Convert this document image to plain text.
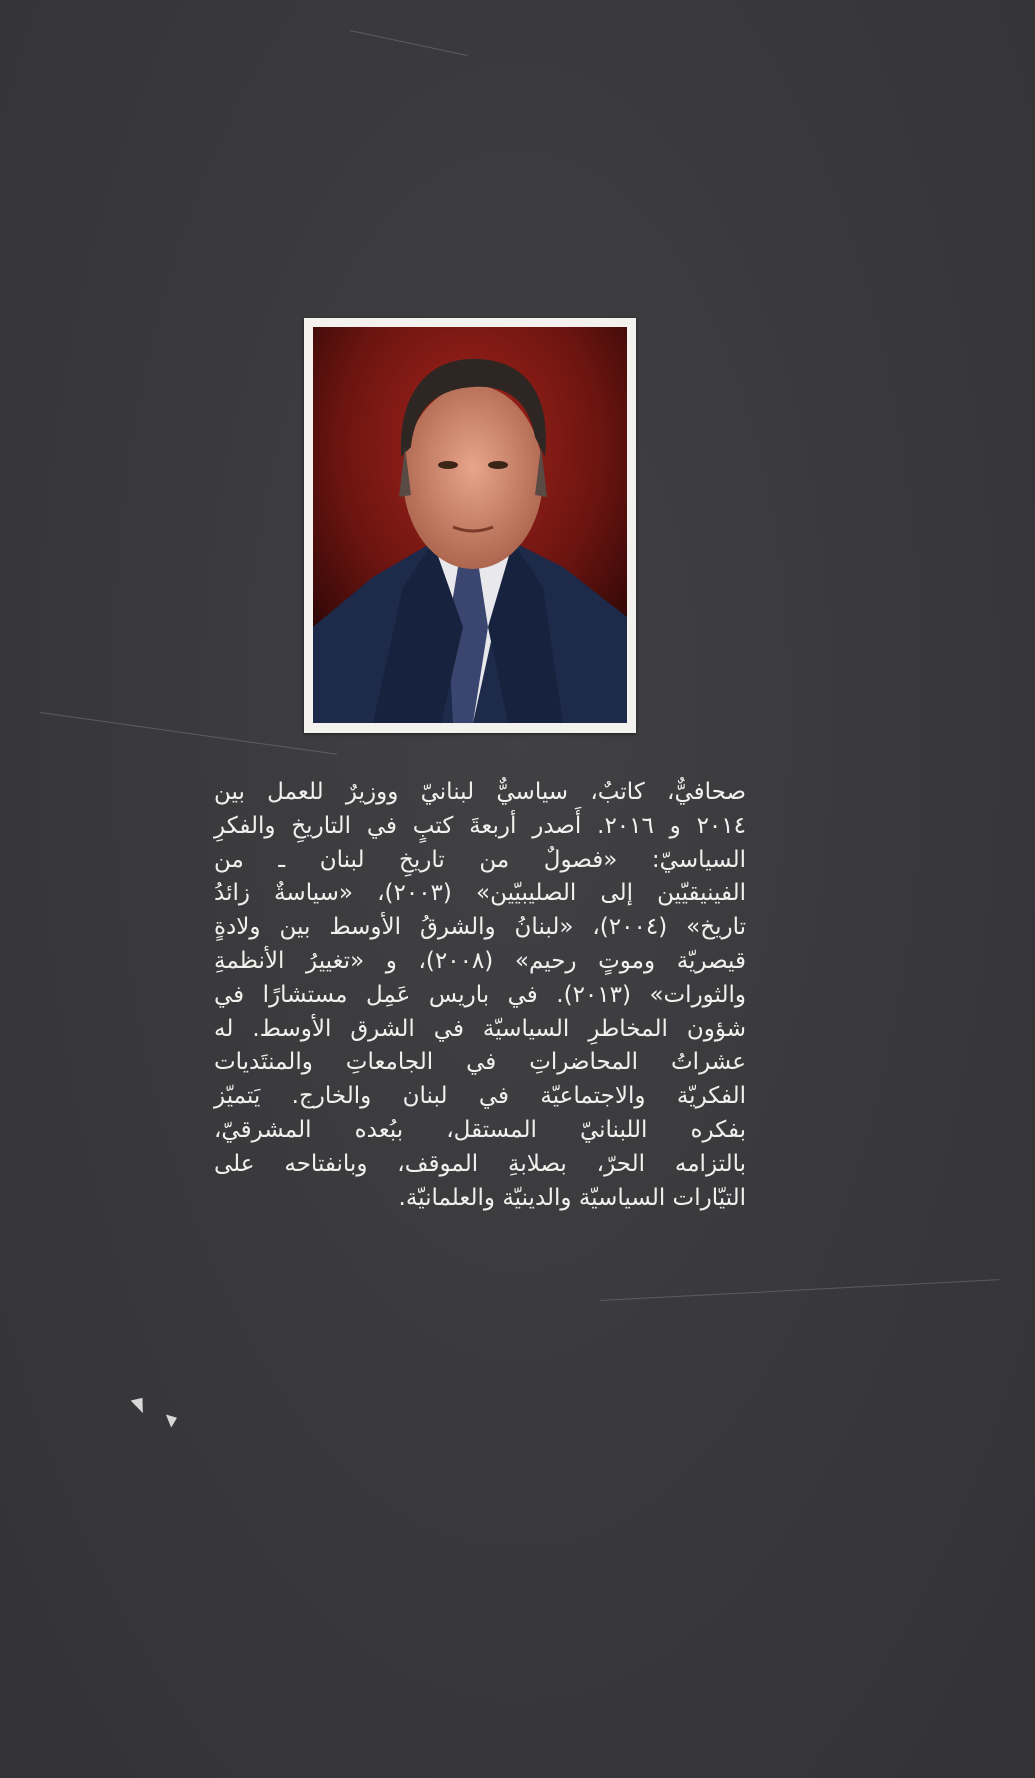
صحافيٌّ، كاتبٌ، سياسيٌّ لبنانيّ ووزيرٌ للعمل بين
٢٠١٤ و ٢٠١٦. أَصدر أربعةَ كتبٍ في التاريخِ والفكرِ
السياسيّ: «فصولٌ من تاريخِ لبنان ـ من
الفينيقيّين إلى الصليبيّين» (٢٠٠٣)، «سياسةٌ زائدُ
تاريخ» (٢٠٠٤)، «لبنانُ والشرقُ الأوسط بين ولادةٍ
قيصريّة وموتٍ رحيم» (٢٠٠٨)، و «تغييرُ الأنظمةِ
والثورات» (٢٠١٣). في باريس عَمِل مستشارًا في
شؤون المخاطرِ السياسيّة في الشرق الأوسط. له
عشراتُ المحاضراتِ في الجامعاتِ والمنتَديات
الفكريّة والاجتماعيّة في لبنان والخارج. يَتميّز
بفكره اللبنانيّ المستقل، ببُعده المشرقيّ،
بالتزامه الحرّ، بصلابةِ الموقف، وبانفتاحه على
التيّارات السياسيّة والدينيّة والعلمانيّة.
